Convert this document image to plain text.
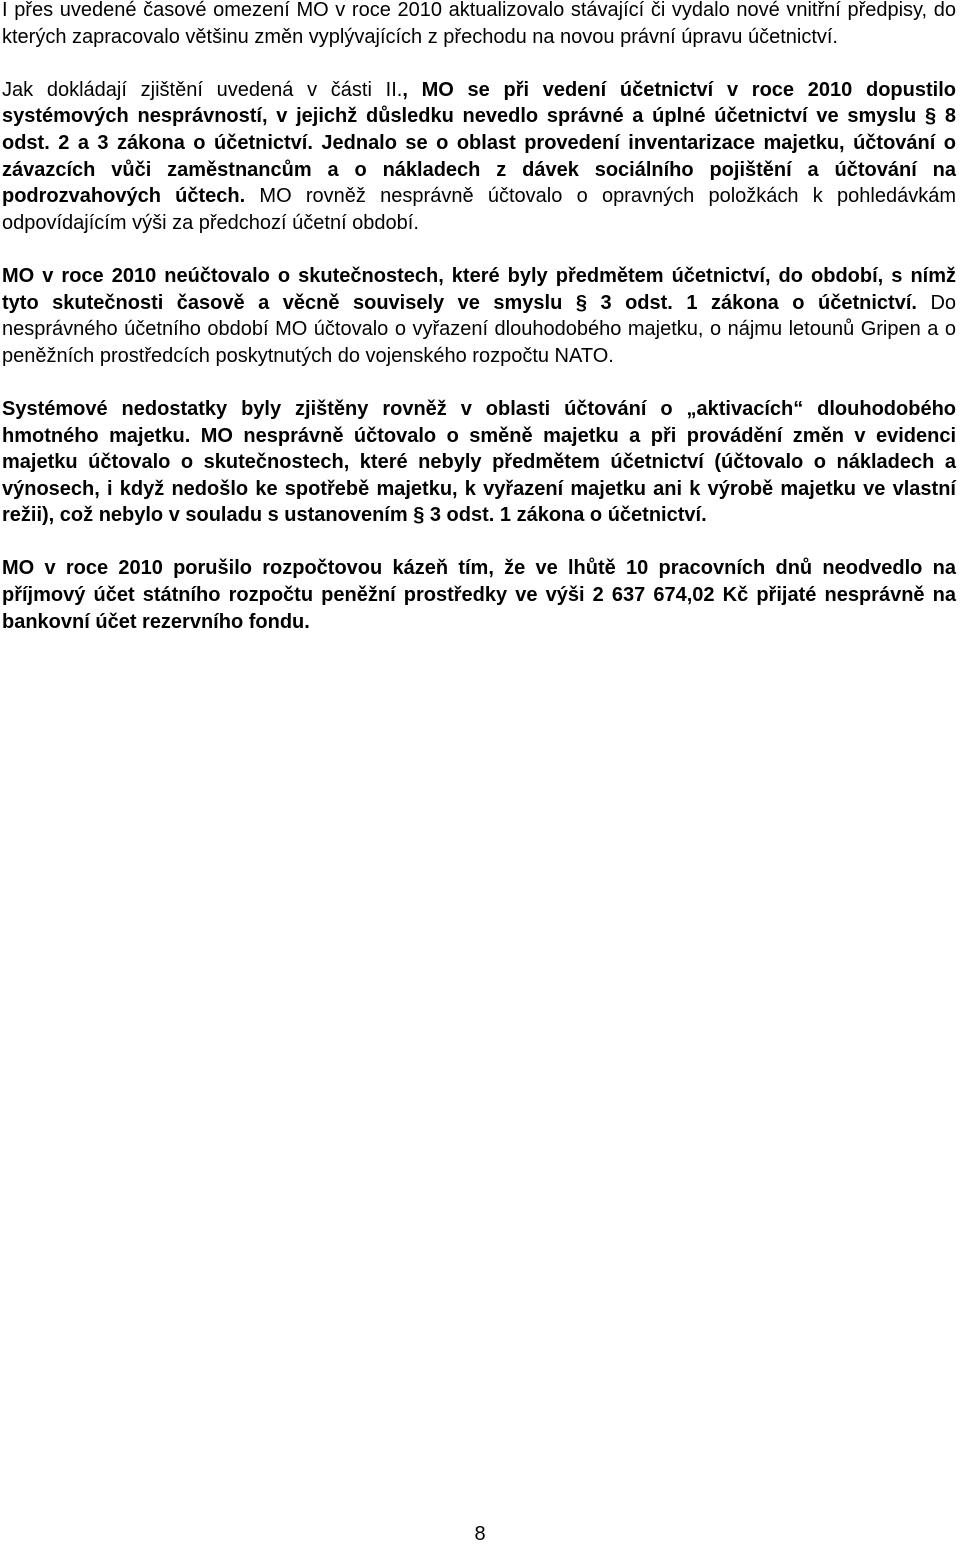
I přes uvedené časové omezení MO v roce 2010 aktualizovalo stávající či vydalo nové vnitřní předpisy, do kterých zapracovalo většinu změn vyplývajících z přechodu na novou právní úpravu účetnictví.

Jak dokládají zjištění uvedená v části II., MO se při vedení účetnictví v roce 2010 dopustilo systémových nesprávností, v jejichž důsledku nevedlo správné a úplné účetnictví ve smyslu § 8 odst. 2 a 3 zákona o účetnictví. Jednalo se o oblast provedení inventarizace majetku, účtování o závazcích vůči zaměstnancům a o nákladech z dávek sociálního pojištění a účtování na podrozvahových účtech. MO rovněž nesprávně účtovalo o opravných položkách k pohledávkám odpovídajícím výši za předchozí účetní období.

MO v roce 2010 neúčtovalo o skutečnostech, které byly předmětem účetnictví, do období, s nímž tyto skutečnosti časově a věcně souvisely ve smyslu § 3 odst. 1 zákona o účetnictví. Do nesprávného účetního období MO účtovalo o vyřazení dlouhodobého majetku, o nájmu letounů Gripen a o peněžních prostředcích poskytnutých do vojenského rozpočtu NATO.

Systémové nedostatky byly zjištěny rovněž v oblasti účtování o „aktivacích“ dlouhodobého hmotného majetku. MO nesprávně účtovalo o směně majetku a při provádění změn v evidenci majetku účtovalo o skutečnostech, které nebyly předmětem účetnictví (účtovalo o nákladech a výnosech, i když nedošlo ke spotřebě majetku, k vyřazení majetku ani k výrobě majetku ve vlastní režii), což nebylo v souladu s ustanovením § 3 odst. 1 zákona o účetnictví.

MO v roce 2010 porušilo rozpočtovou kázeň tím, že ve lhůtě 10 pracovních dnů neodvedlo na příjmový účet státního rozpočtu peněžní prostředky ve výši 2 637 674,02 Kč přijaté nesprávně na bankovní účet rezervního fondu.

8
